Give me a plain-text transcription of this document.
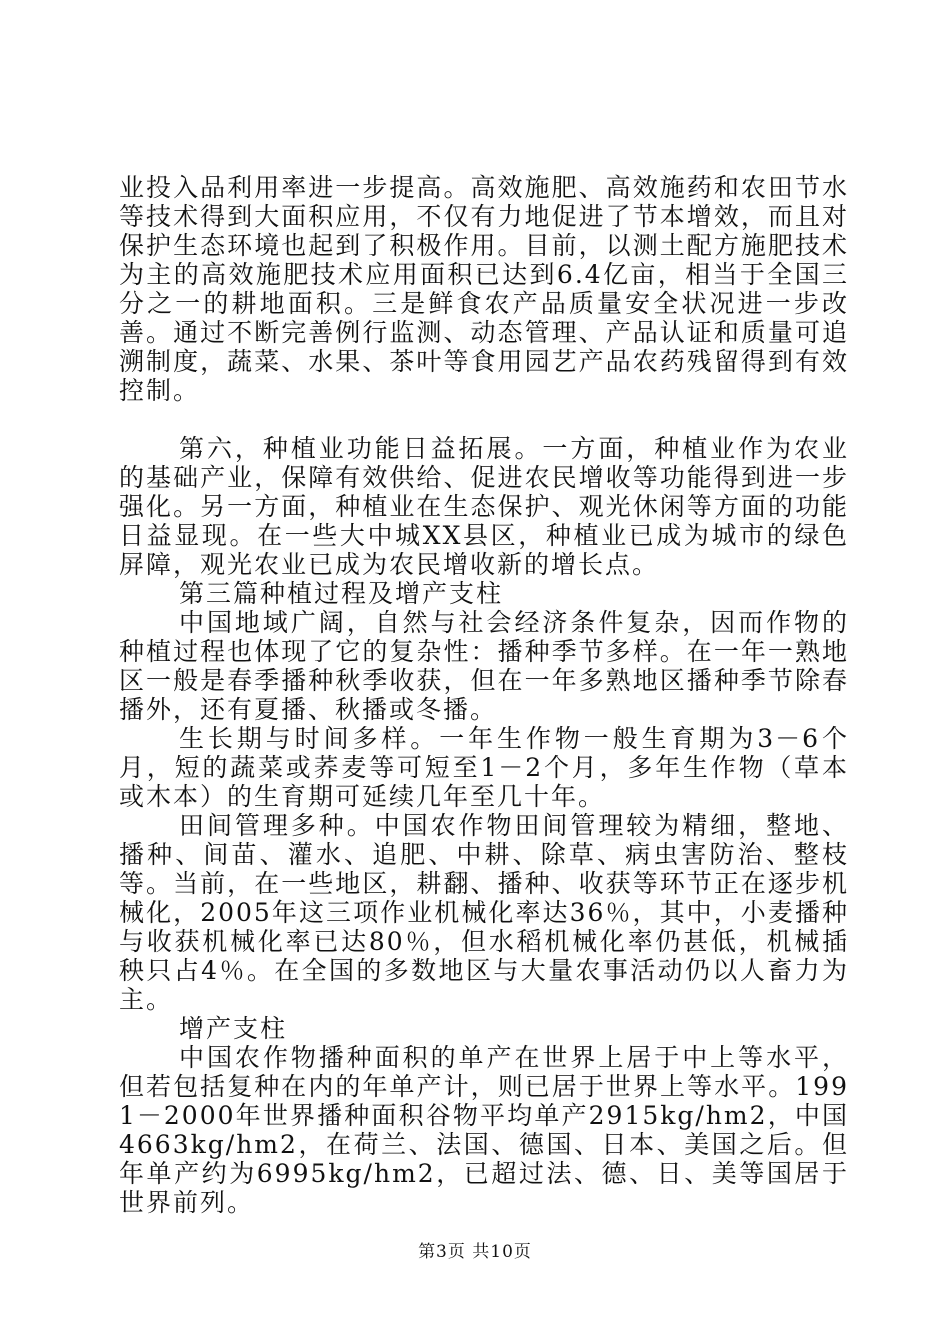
业投入品利用率进一步提高。高效施肥、高效施药和农田节水等技术得到大面积应用，不仅有力地促进了节本增效，而且对保护生态环境也起到了积极作用。目前，以测土配方施肥技术为主的高效施肥技术应用面积已达到6.4亿亩，相当于全国三分之一的耕地面积。三是鲜食农产品质量安全状况进一步改善。通过不断完善例行监测、动态管理、产品认证和质量可追溯制度，蔬菜、水果、茶叶等食用园艺产品农药残留得到有效控制。

第六，种植业功能日益拓展。一方面，种植业作为农业的基础产业，保障有效供给、促进农民增收等功能得到进一步强化。另一方面，种植业在生态保护、观光休闲等方面的功能日益显现。在一些大中城XX县区，种植业已成为城市的绿色屏障，观光农业已成为农民增收新的增长点。

第三篇种植过程及增产支柱

中国地域广阔，自然与社会经济条件复杂，因而作物的种植过程也体现了它的复杂性：播种季节多样。在一年一熟地区一般是春季播种秋季收获，但在一年多熟地区播种季节除春播外，还有夏播、秋播或冬播。

生长期与时间多样。一年生作物一般生育期为3－6个月，短的蔬菜或荞麦等可短至1－2个月，多年生作物（草本或木本）的生育期可延续几年至几十年。

田间管理多种。中国农作物田间管理较为精细，整地、播种、间苗、灌水、追肥、中耕、除草、病虫害防治、整枝等。当前，在一些地区，耕翻、播种、收获等环节正在逐步机械化，2005年这三项作业机械化率达36％，其中，小麦播种与收获机械化率已达80％，但水稻机械化率仍甚低，机械插秧只占4％。在全国的多数地区与大量农事活动仍以人畜力为主。

增产支柱

中国农作物播种面积的单产在世界上居于中上等水平，但若包括复种在内的年单产计，则已居于世界上等水平。1991－2000年世界播种面积谷物平均单产2915kg/hm2，中国4663kg/hm2，在荷兰、法国、德国、日本、美国之后。但年单产约为6995kg/hm2，已超过法、德、日、美等国居于世界前列。

第3页 共10页
